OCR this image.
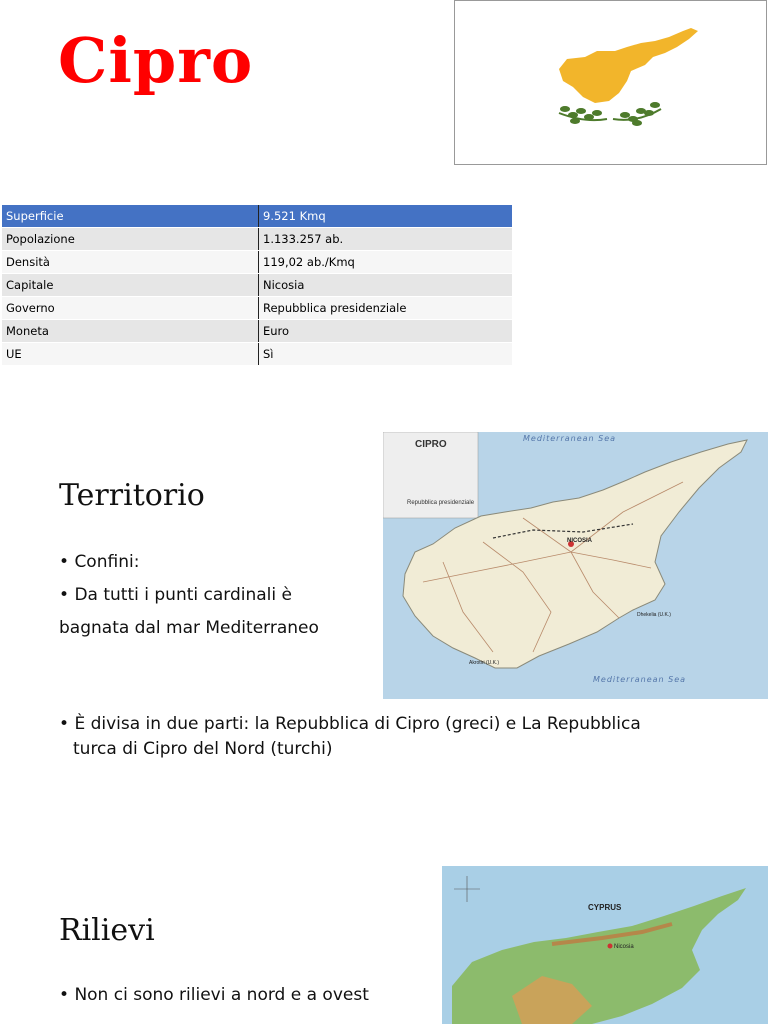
Cipro
Superficie	9.521 Kmq
Popolazione	1.133.257 ab.
Densità	119,02 ab./Kmq
Capitale	Nicosia
Governo	Repubblica presidenziale
Moneta	Euro
UE	Sì
Territorio
• Confini:
• Da tutti i punti cardinali è
bagnata dal mar Mediterraneo
CIPRO
Repubblica presidenziale
Mediterranean Sea
Mediterranean Sea
NICOSIA
Akrotiri (U.K.)
Dhekelia (U.K.)
• È divisa in due parti: la Repubblica di Cipro (greci) e La Repubblica
turca di Cipro del Nord (turchi)
Rilievi
• Non ci sono rilievi a nord e a ovest
CYPRUS
Nicosia
